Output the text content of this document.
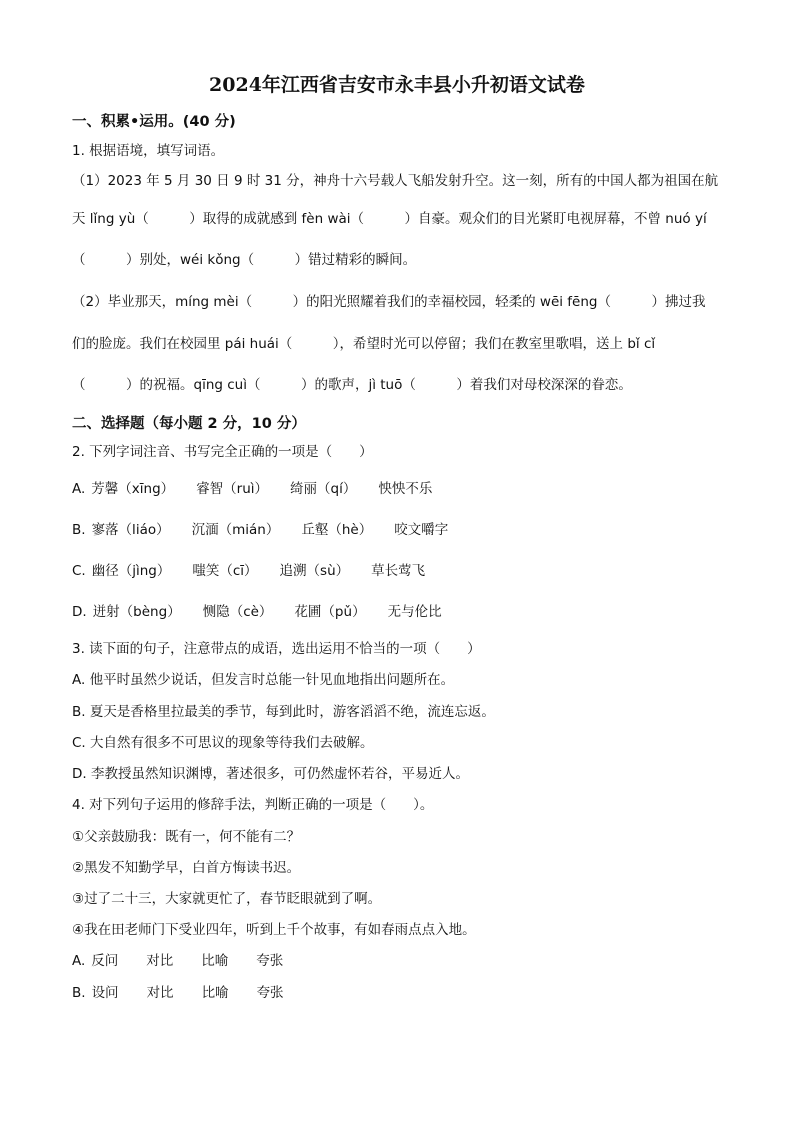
2024年江西省吉安市永丰县小升初语文试卷
一、积累•运用。(40 分)
1. 根据语境，填写词语。
（1）2023 年 5 月 30 日 9 时 31 分，神舟十六号载人飞船发射升空。这一刻，所有的中国人都为祖国在航
天 lǐng yù（　　　）取得的成就感到 fèn wài（　　　）自豪。观众们的目光紧盯电视屏幕，不曾 nuó yí
（　　　）别处，wéi kǒng（　　　）错过精彩的瞬间。
（2）毕业那天，míng mèi（　　　）的阳光照耀着我们的幸福校园，轻柔的 wēi fēng（　　　）拂过我
们的脸庞。我们在校园里 pái huái（　　　），希望时光可以停留；我们在教室里歌唱，送上 bǐ cǐ
（　　　）的祝福。qīng cuì（　　　）的歌声，jì tuō（　　　）着我们对母校深深的眷恋。
二、选择题（每小题 2 分，10 分）
2. 下列字词注音、书写完全正确的一项是（　　）
A. 芳馨（xīng） 睿智（ruì） 绮丽（qí） 怏怏不乐
B. 寥落（liáo） 沉湎（mián） 丘壑（hè） 咬文嚼字
C. 幽径（jìng） 嗤笑（cī） 追溯（sù） 草长莺飞
D. 迸射（bèng） 恻隐（cè） 花圃（pǔ） 无与伦比
3. 读下面的句子，注意带点的成语，选出运用不恰当的一项（　　）
A. 他平时虽然少说话，但发言时总能一针见血地指出问题所在。
B. 夏天是香格里拉最美的季节，每到此时，游客滔滔不绝，流连忘返。
C. 大自然有很多不可思议的现象等待我们去破解。
D. 李教授虽然知识渊博，著述很多，可仍然虚怀若谷，平易近人。
4. 对下列句子运用的修辞手法，判断正确的一项是（　　）。
①父亲鼓励我：既有一，何不能有二？
②黑发不知勤学早，白首方悔读书迟。
③过了二十三，大家就更忙了，春节眨眼就到了啊。
④我在田老师门下受业四年，听到上千个故事，有如春雨点点入地。
A. 反问 对比 比喻 夸张
B. 设问 对比 比喻 夸张
